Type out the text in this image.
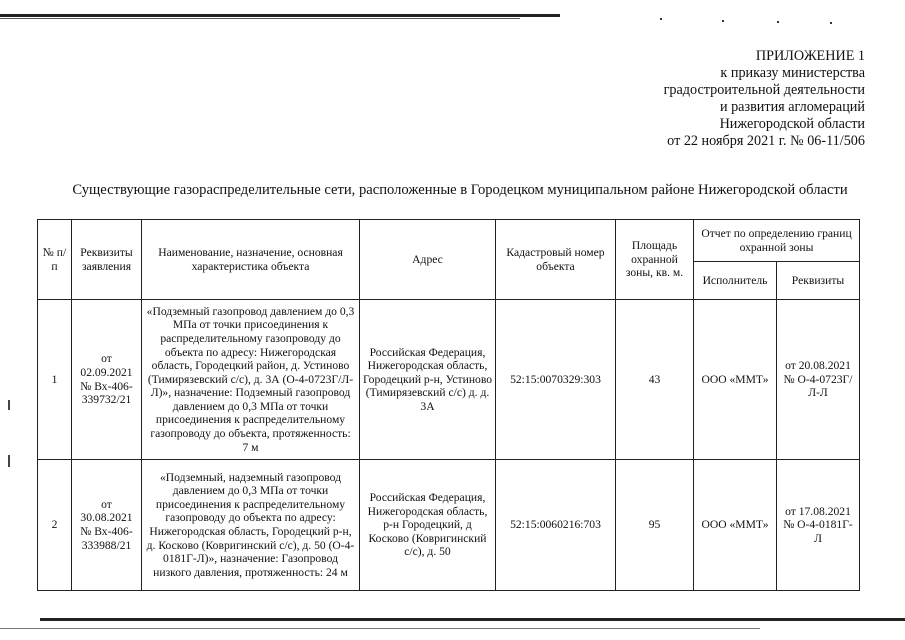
ПРИЛОЖЕНИЕ 1
к приказу министерства
градостроительной деятельности
и развития агломераций
Нижегородской области
от 22 ноября 2021 г. № 06-11/506
Существующие газораспределительные сети, расположенные в Городецком муниципальном районе Нижегородской области
№ п/п	Реквизиты заявления	Наименование, назначение, основная характеристика объекта	Адрес	Кадастровый номер объекта	Площадь охранной зоны, кв. м.	Отчет по определению границ охранной зоны	
						Исполнитель	Реквизиты
1	от 02.09.2021 № Вх-406-339732/21	«Подземный газопровод давлением до 0,3 МПа от точки присоединения к распределительному газопроводу до объекта по адресу: Нижегородская область, Городецкий район, д. Устиново (Тимирязевский с/с), д. 3А (О-4-0723Г/Л-Л)», назначение: Подземный газопровод давлением до 0,3 МПа от точки присоединения к распределительному газопроводу до объекта, протяженность: 7 м	Российская Федерация, Нижегородская область, Городецкий р-н, Устиново (Тимирязевский с/с) д. д. 3А	52:15:0070329:303	43	ООО «ММТ»	от 20.08.2021 № О-4-0723Г/Л-Л
2	от 30.08.2021 № Вх-406-333988/21	«Подземный, надземный газопровод давлением до 0,3 МПа от точки присоединения к распределительному газопроводу до объекта по адресу: Нижегородская область, Городецкий р-н, д. Косково (Ковригинский с/с), д. 50 (О-4-0181Г-Л)», назначение: Газопровод низкого давления, протяженность: 24 м	Российская Федерация, Нижегородская область, р-н Городецкий, д Косково (Ковригинский с/с), д. 50	52:15:0060216:703	95	ООО «ММТ»	от 17.08.2021 № О-4-0181Г-Л
